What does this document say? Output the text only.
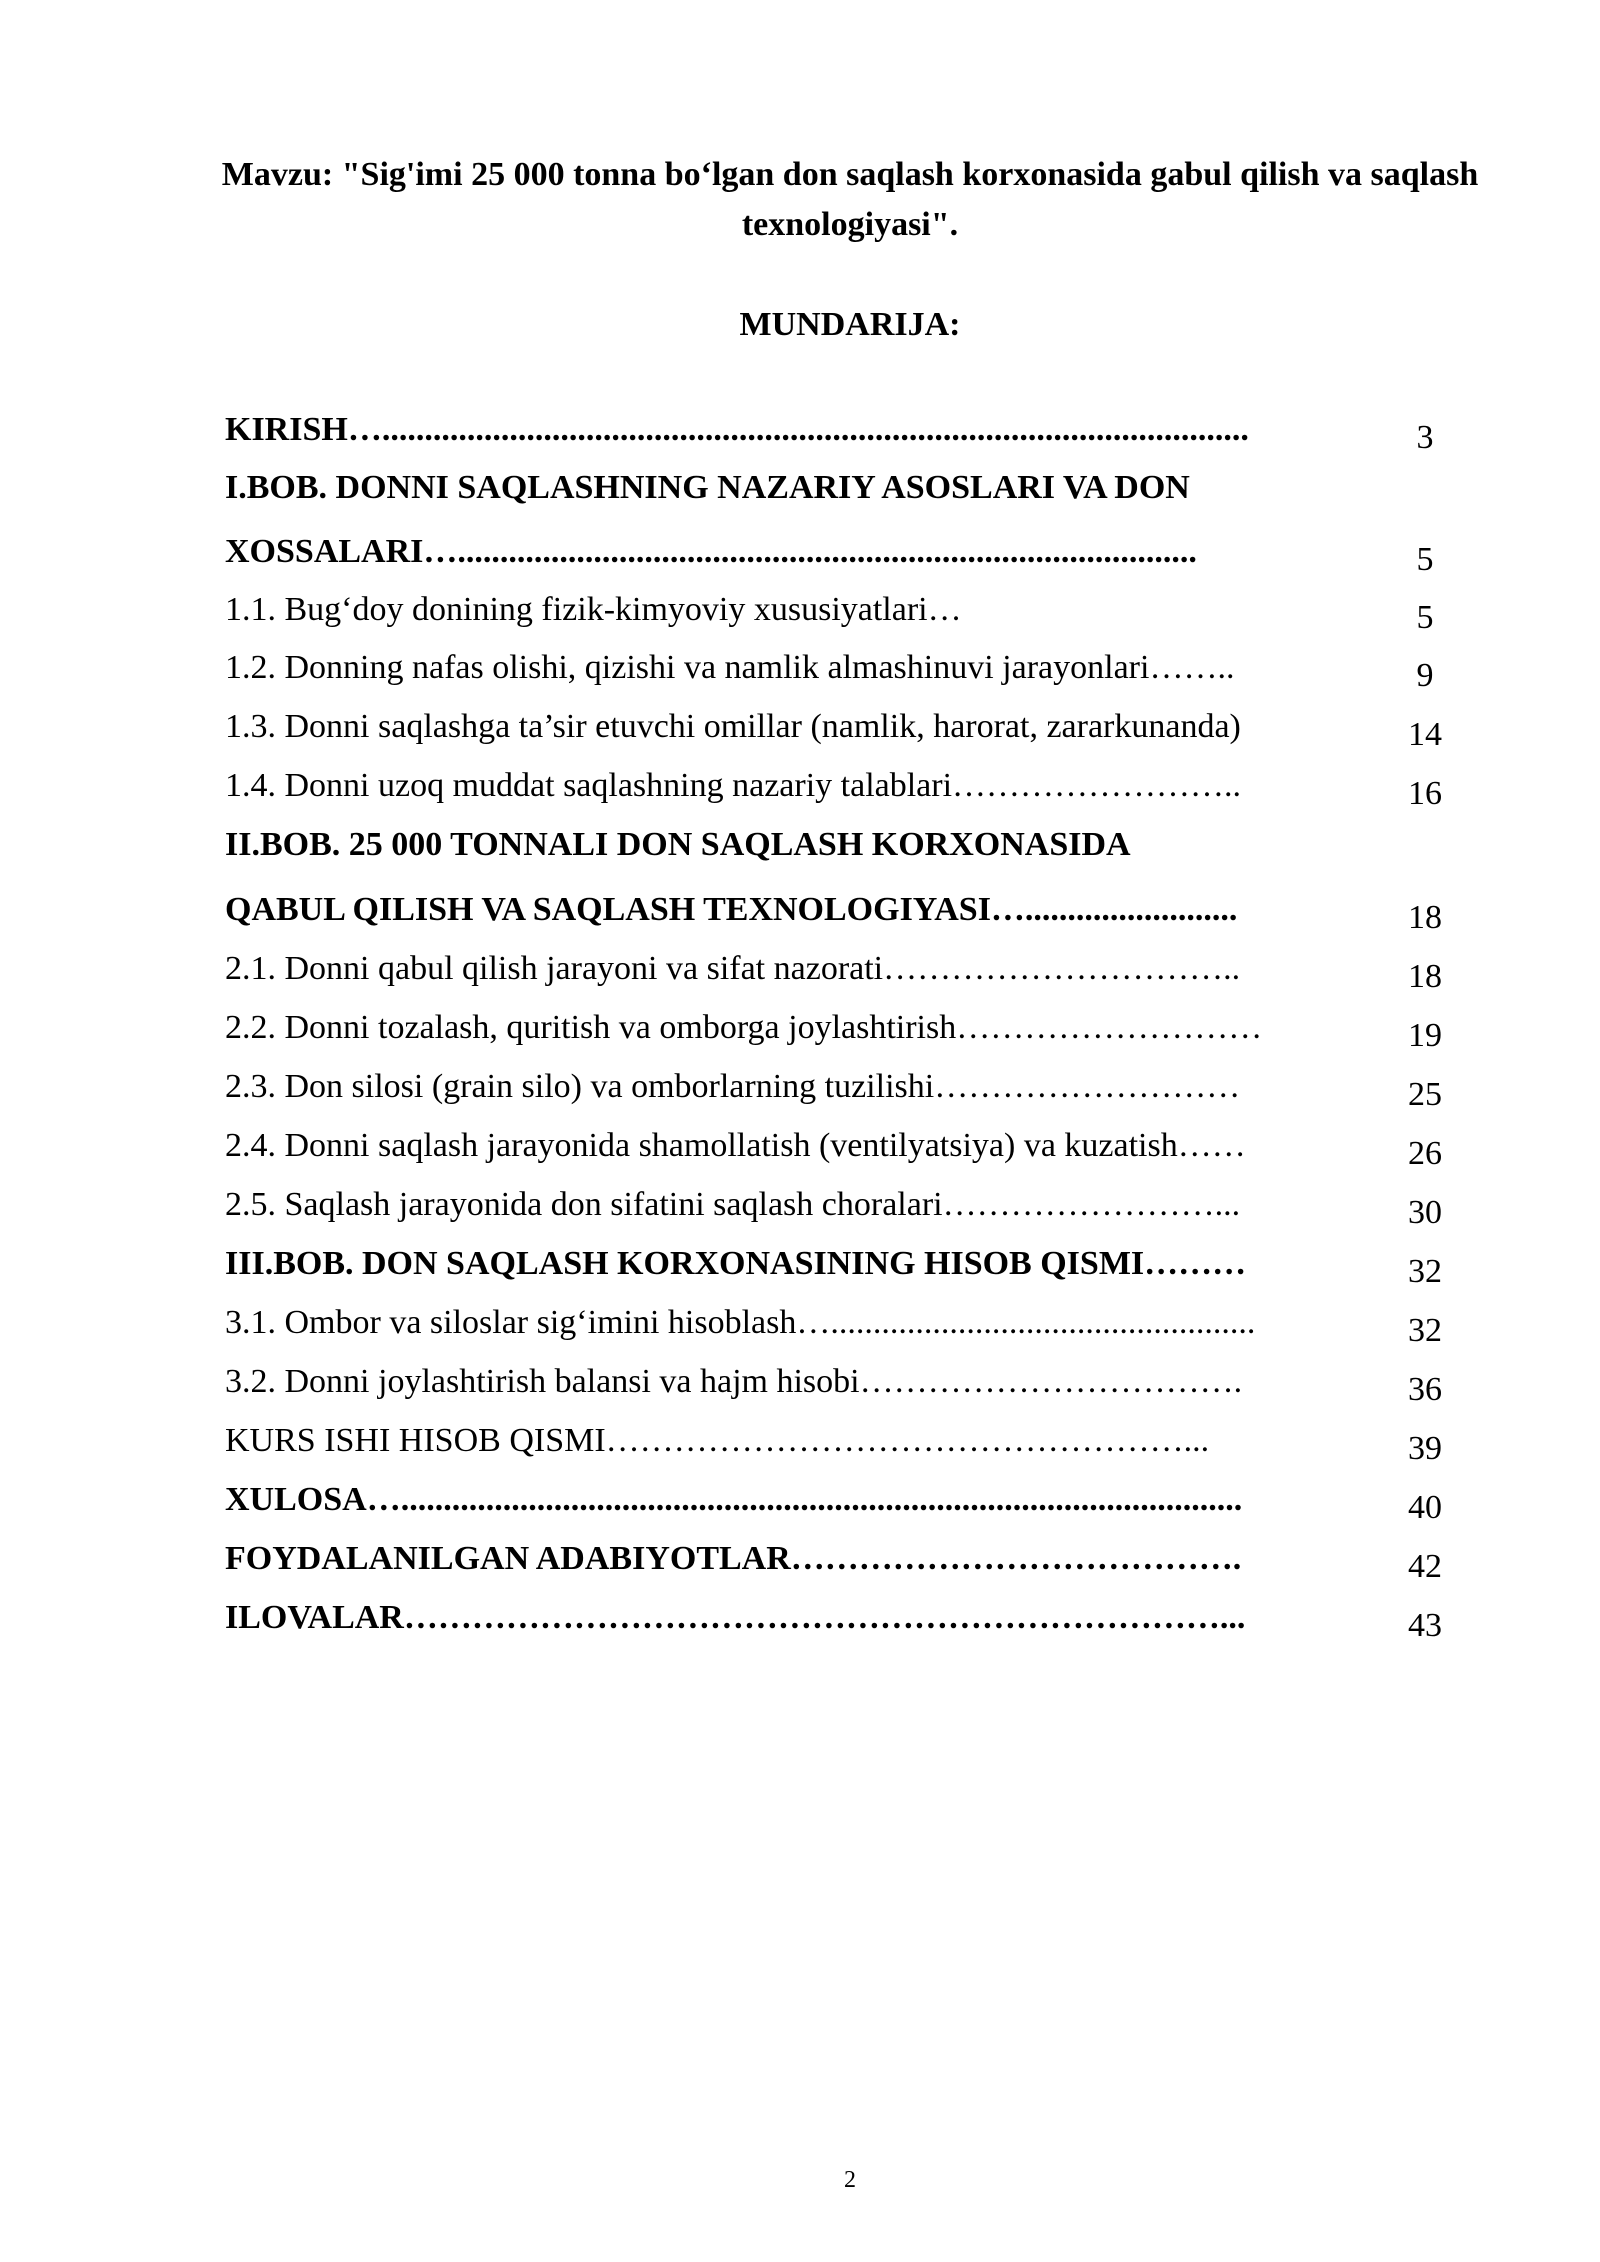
Mavzu: "Sig'imi 25 000 tonna bo‘lgan don saqlash korxonasida gabul qilish va saqlash texnologiyasi".
MUNDARIJA:
KIRISH…......................................................................................................	3
I.BOB. DONNI SAQLASHNING NAZARIY ASOSLARI VA DON
XOSSALARI….......................................................................................	5
1.1. Bug‘doy donining fizik-kimyoviy xususiyatlari…	5
1.2. Donning nafas olishi, qizishi va namlik almashinuvi jarayonlari……..	9
1.3. Donni saqlashga ta’sir etuvchi omillar (namlik, harorat, zararkunanda)	14
1.4. Donni uzoq muddat saqlashning nazariy talablari……………………..	16
II.BOB. 25 000 TONNALI DON SAQLASH KORXONASIDA
QABUL QILISH VA SAQLASH TEXNOLOGIYASI….........................	18
2.1. Donni qabul qilish jarayoni va sifat nazorati…………………………..	18
2.2. Donni tozalash, quritish va omborga joylashtirish………………………	19
2.3. Don silosi (grain silo) va omborlarning tuzilishi………………………	25
2.4. Donni saqlash jarayonida shamollatish (ventilyatsiya) va kuzatish……	26
2.5. Saqlash jarayonida don sifatini saqlash choralari……………………...	30
III.BOB. DON SAQLASH KORXONASINING HISOB QISMI………	32
3.1. Ombor va siloslar sig‘imini hisoblash…..................................................	32
3.2. Donni joylashtirish balansi va hajm hisobi…………………………….	36
KURS ISHI HISOB QISMI……………………………………………...	39
XULOSA…...................................................................................................	40
FOYDALANILGAN ADABIYOTLAR………………………………….	42
ILOVALAR………………………………………………………………...	43
2
